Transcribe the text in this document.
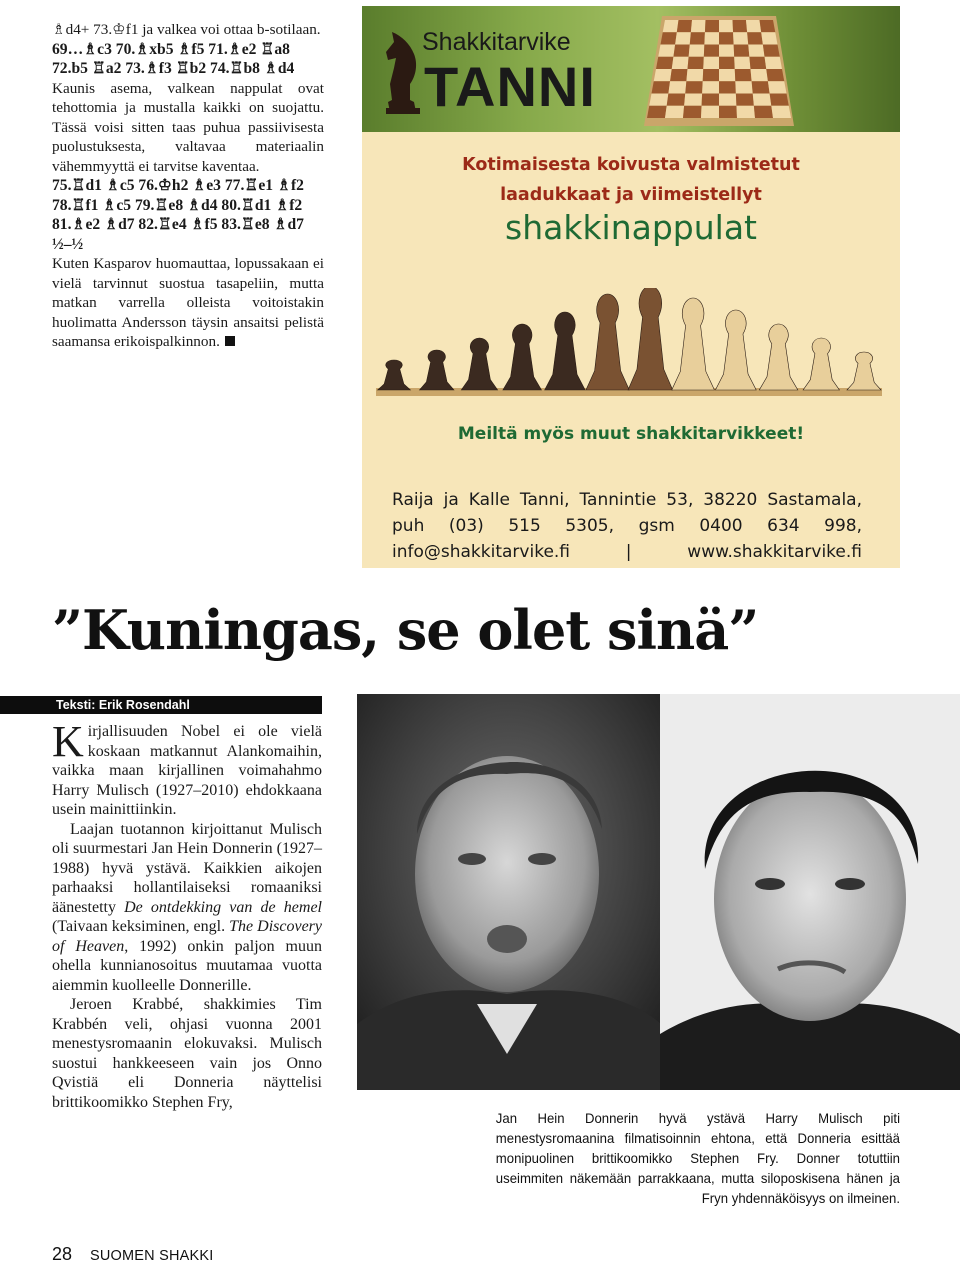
♗d4+ 73.♔f1 ja valkea voi ottaa b-sotilaan.

69…♗c3 70.♗xb5 ♗f5 71.♗e2 ♖a8 72.b5 ♖a2 73.♗f3 ♖b2 74.♖b8 ♗d4

Kaunis asema, valkean nappulat ovat tehottomia ja mustalla kaikki on suojattu. Tässä voisi sitten taas puhua passiivisesta puolustuksesta, valtavaa materiaalin vähemmyyttä ei tarvitse kaventaa.

75.♖d1 ♗c5 76.♔h2 ♗e3 77.♖e1 ♗f2 78.♖f1 ♗c5 79.♖e8 ♗d4 80.♖d1 ♗f2 81.♗e2 ♗d7 82.♖e4 ♗f5 83.♖e8 ♗d7 ½–½

Kuten Kasparov huomauttaa, lopussakaan ei vielä tarvinnut suostua tasapeliin, mutta matkan varrella olleista voitoistakin huolimatta Andersson täysin ansaitsi pelistä saamansa erikoispalkinnon.

Shakkitarvike
TANNI
Kotimaisesta koivusta valmistetut
laadukkaat ja viimeistellyt
shakkinappulat
Meiltä myös muut shakkitarvikkeet!
Raija ja Kalle Tanni, Tannintie 53, 38220 Sastamala,
puh (03) 515 5305, gsm 0400 634 998,
info@shakkitarvike.fi | www.shakkitarvike.fi
”Kuningas, se olet sinä”
Teksti: Erik Rosendahl

Kirjallisuuden Nobel ei ole vielä koskaan matkannut Alankomaihin, vaikka maan kirjallinen voimahahmo Harry Mulisch (1927–2010) ehdokkaana usein mainittiinkin.

Laajan tuotannon kirjoittanut Mulisch oli suurmestari Jan Hein Donnerin (1927–1988) hyvä ystävä. Kaikkien aikojen parhaaksi hollantilaiseksi romaaniksi äänestetty De ontdekking van de hemel (Taivaan keksiminen, engl. The Discovery of Heaven, 1992) onkin paljon muun ohella kunnianosoitus muutamaa vuotta aiemmin kuolleelle Donnerille.

Jeroen Krabbé, shakkimies Tim Krabbén veli, ohjasi vuonna 2001 menestysromaanin elokuvaksi. Mulisch suostui hankkeeseen vain jos Onno Qvistiä eli Donneria näyttelisi brittikoomikko Stephen Fry,

Jan Hein Donnerin hyvä ystävä Harry Mulisch piti menestysromaanina filmatisoinnin ehtona, että Donneria esittää monipuolinen brittikoomikko Stephen Fry. Donner totuttiin useimmiten näkemään parrakkaana, mutta siloposkisena hänen ja Fryn yhdennäköisyys on ilmeinen.
28 SUOMEN SHAKKI
